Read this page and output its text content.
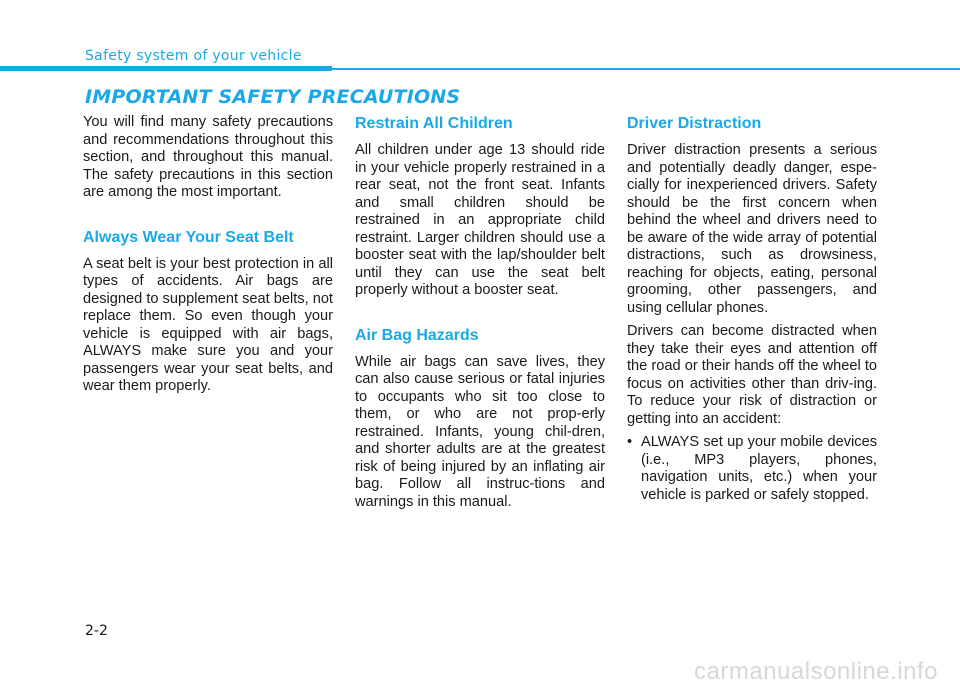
Safety system of your vehicle
IMPORTANT SAFETY PRECAUTIONS

You will find many safety precautions and recommendations throughout this section, and throughout this manual. The safety precautions in this section are among the most important.

Always Wear Your Seat Belt

A seat belt is your best protection in all types of accidents. Air bags are designed to supplement seat belts, not replace them. So even though your vehicle is equipped with air bags, ALWAYS make sure you and your passengers wear your seat belts, and wear them properly.

Restrain All Children

All children under age 13 should ride in your vehicle properly restrained in a rear seat, not the front seat. Infants and small children should be restrained in an appropriate child restraint. Larger children should use a booster seat with the lap/shoulder belt until they can use the seat belt properly without a booster seat.

Air Bag Hazards

While air bags can save lives, they can also cause serious or fatal injuries to occupants who sit too close to them, or who are not prop-erly restrained. Infants, young chil-dren, and shorter adults are at the greatest risk of being injured by an inflating air bag. Follow all instruc-tions and warnings in this manual.

Driver Distraction

Driver distraction presents a serious and potentially deadly danger, espe-cially for inexperienced drivers. Safety should be the first concern when behind the wheel and drivers need to be aware of the wide array of potential distractions, such as drowsiness, reaching for objects, eating, personal grooming, other passengers, and using cellular phones.

Drivers can become distracted when they take their eyes and attention off the road or their hands off the wheel to focus on activities other than driv-ing. To reduce your risk of distraction or getting into an accident:

• ALWAYS set up your mobile devices (i.e., MP3 players, phones, navigation units, etc.) when your vehicle is parked or safely stopped.
2-2
carmanualsonline.info
